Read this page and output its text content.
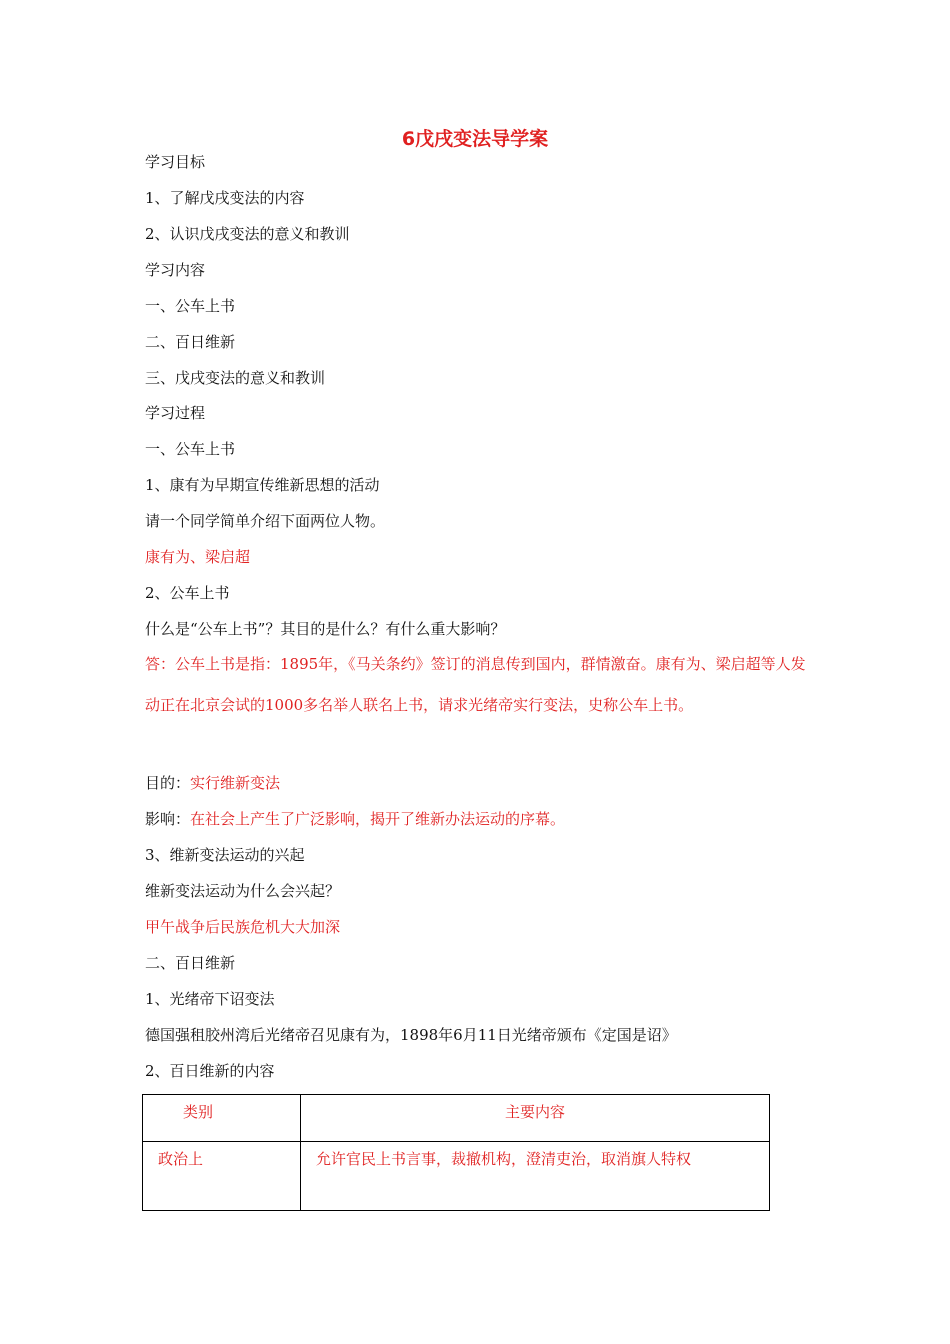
6戊戌变法导学案
学习目标
1、了解戊戌变法的内容
2、认识戊戌变法的意义和教训
学习内容
一、公车上书
二、百日维新
三、戊戌变法的意义和教训
学习过程
一、公车上书
1、康有为早期宣传维新思想的活动
请一个同学简单介绍下面两位人物。
康有为、梁启超
2、公车上书
什么是“公车上书”？其目的是什么？有什么重大影响？
答：公车上书是指：1895年，《马关条约》签订的消息传到国内，群情激奋。康有为、梁启超等人发动正在北京会试的1000多名举人联名上书，请求光绪帝实行变法，史称公车上书。
目的：实行维新变法
影响：在社会上产生了广泛影响，揭开了维新办法运动的序幕。
3、维新变法运动的兴起
维新变法运动为什么会兴起？
甲午战争后民族危机大大加深
二、百日维新
1、光绪帝下诏变法
德国强租胶州湾后光绪帝召见康有为，1898年6月11日光绪帝颁布《定国是诏》
2、百日维新的内容
类别	主要内容
政治上	允许官民上书言事，裁撤机构，澄清吏治，取消旗人特权
